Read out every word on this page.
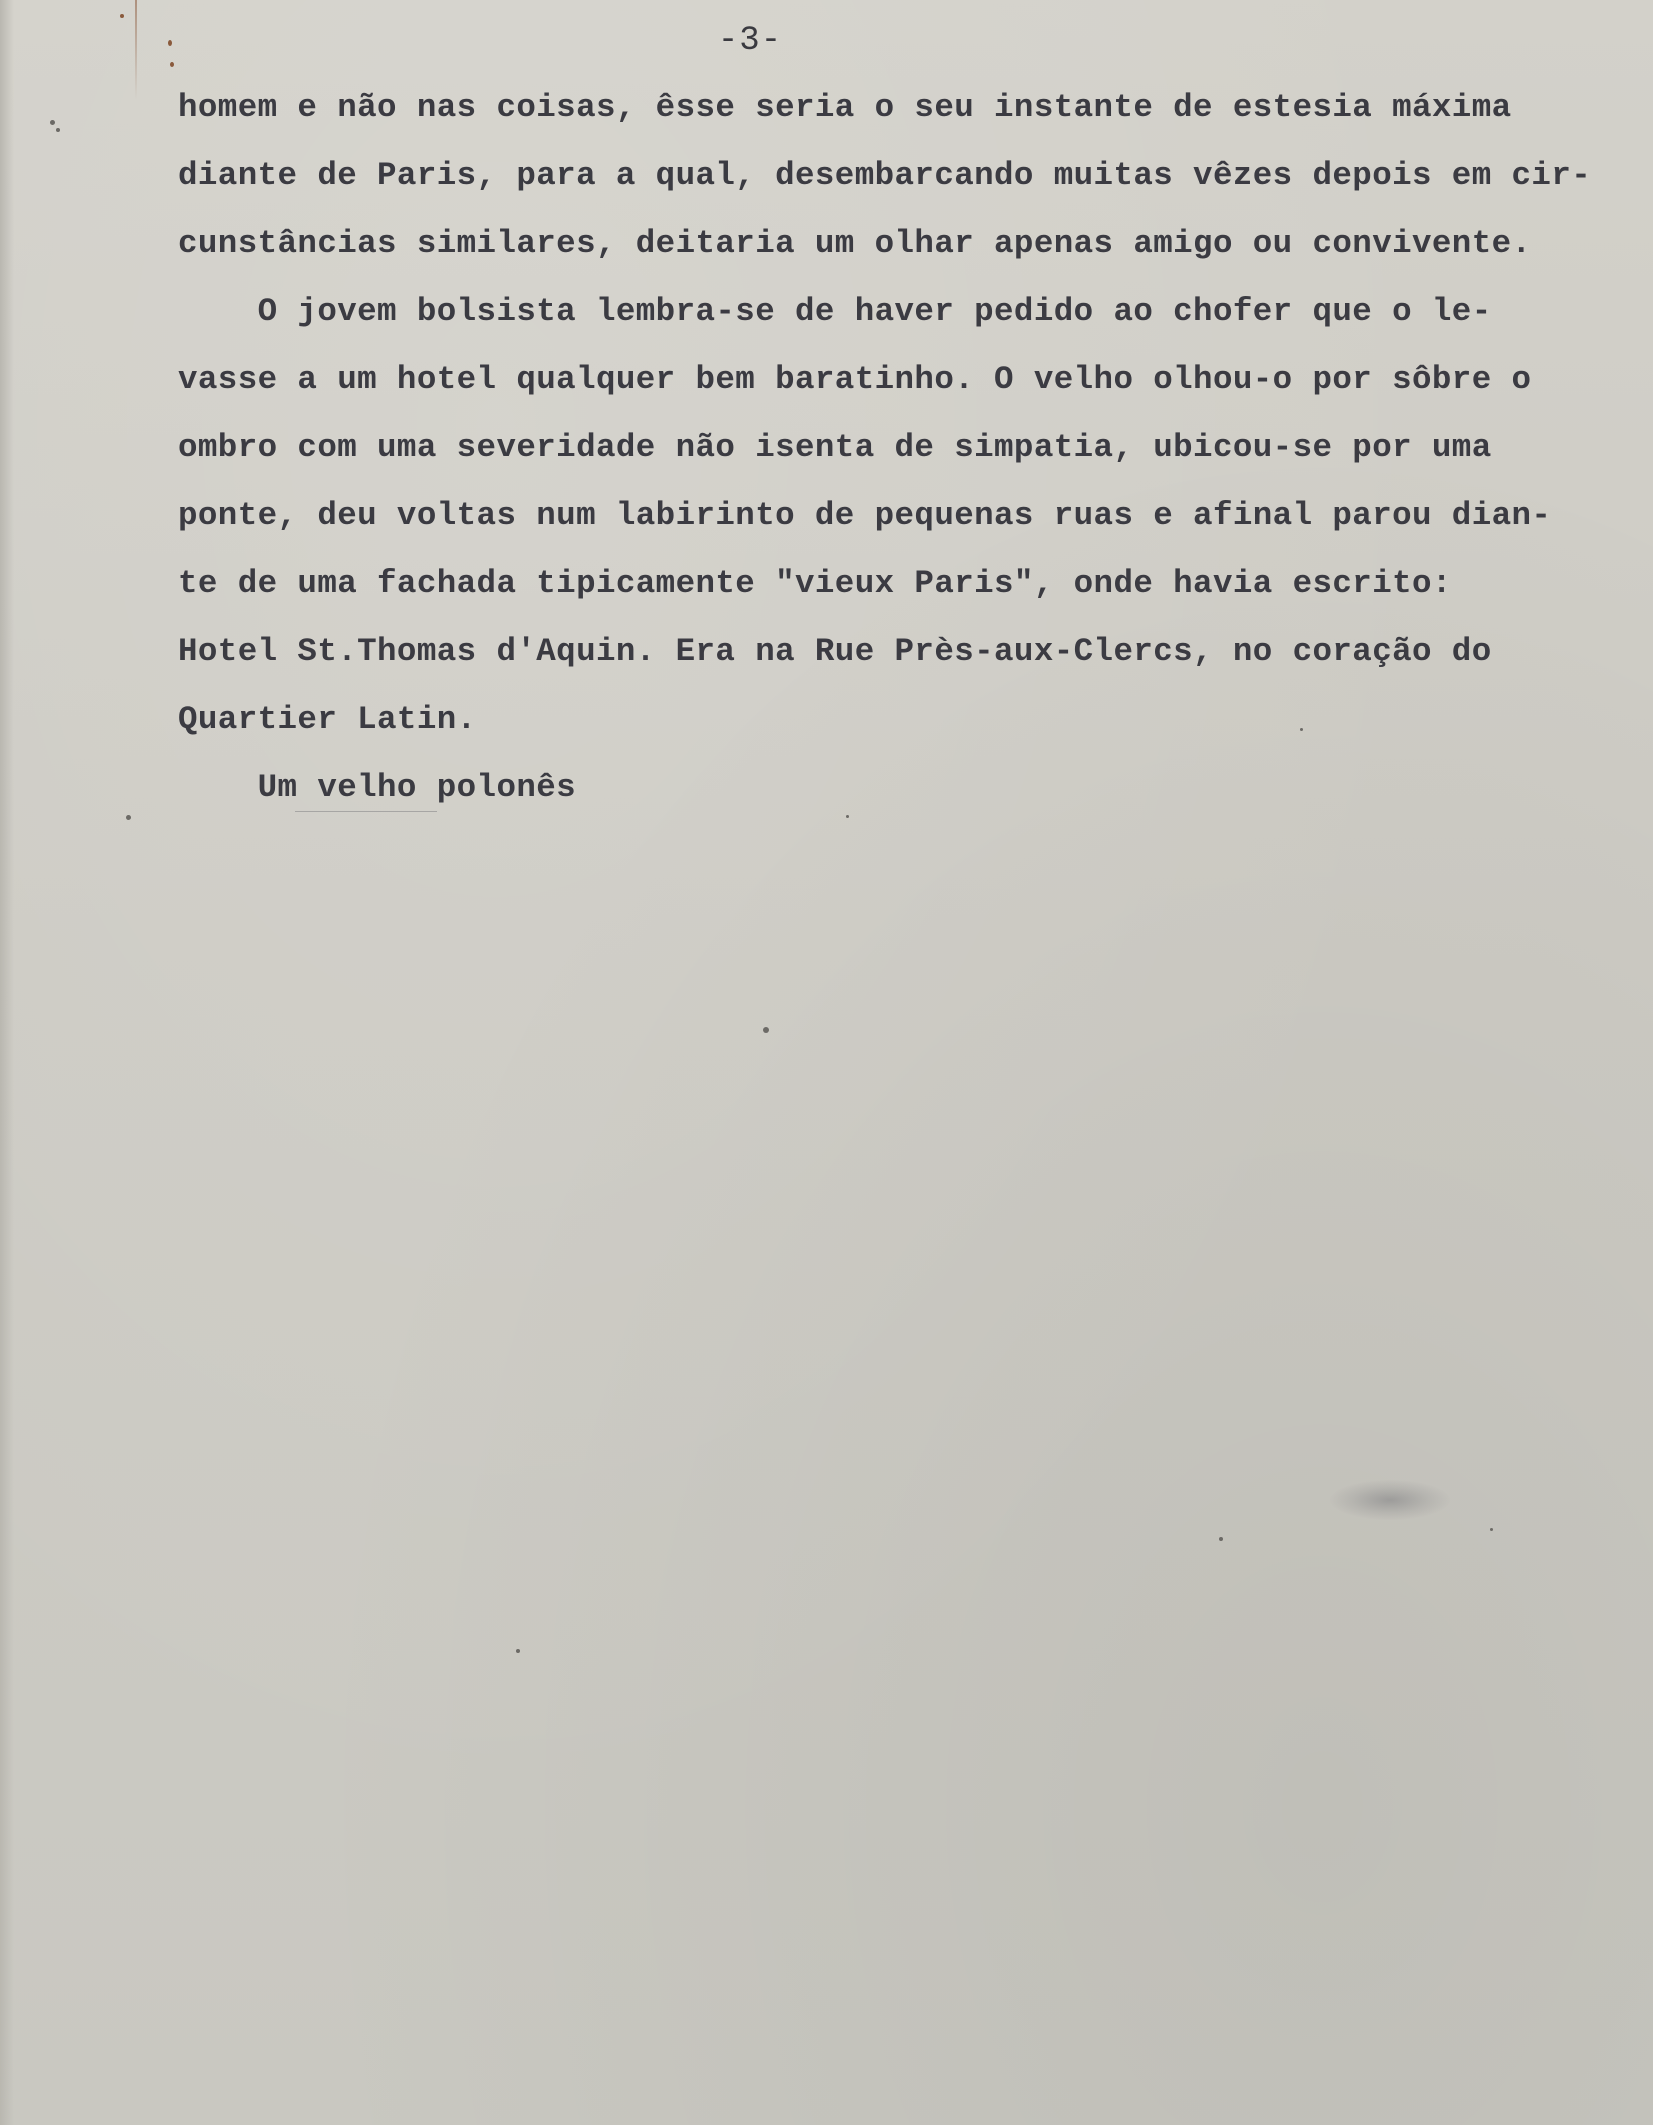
-3-
homem e não nas coisas, êsse seria o seu instante de estesia máxima
diante de Paris, para a qual, desembarcando muitas vêzes depois em cir-
cunstâncias similares, deitaria um olhar apenas amigo ou convivente.
O jovem bolsista lembra-se de haver pedido ao chofer que o le-
vasse a um hotel qualquer bem baratinho. O velho olhou-o por sôbre o
ombro com uma severidade não isenta de simpatia, ubicou-se por uma
ponte, deu voltas num labirinto de pequenas ruas e afinal parou dian-
te de uma fachada tipicamente "vieux Paris", onde havia escrito:
Hotel St.Thomas d'Aquin. Era na Rue Près-aux-Clercs, no coração do
Quartier Latin.
Um velho polonês
